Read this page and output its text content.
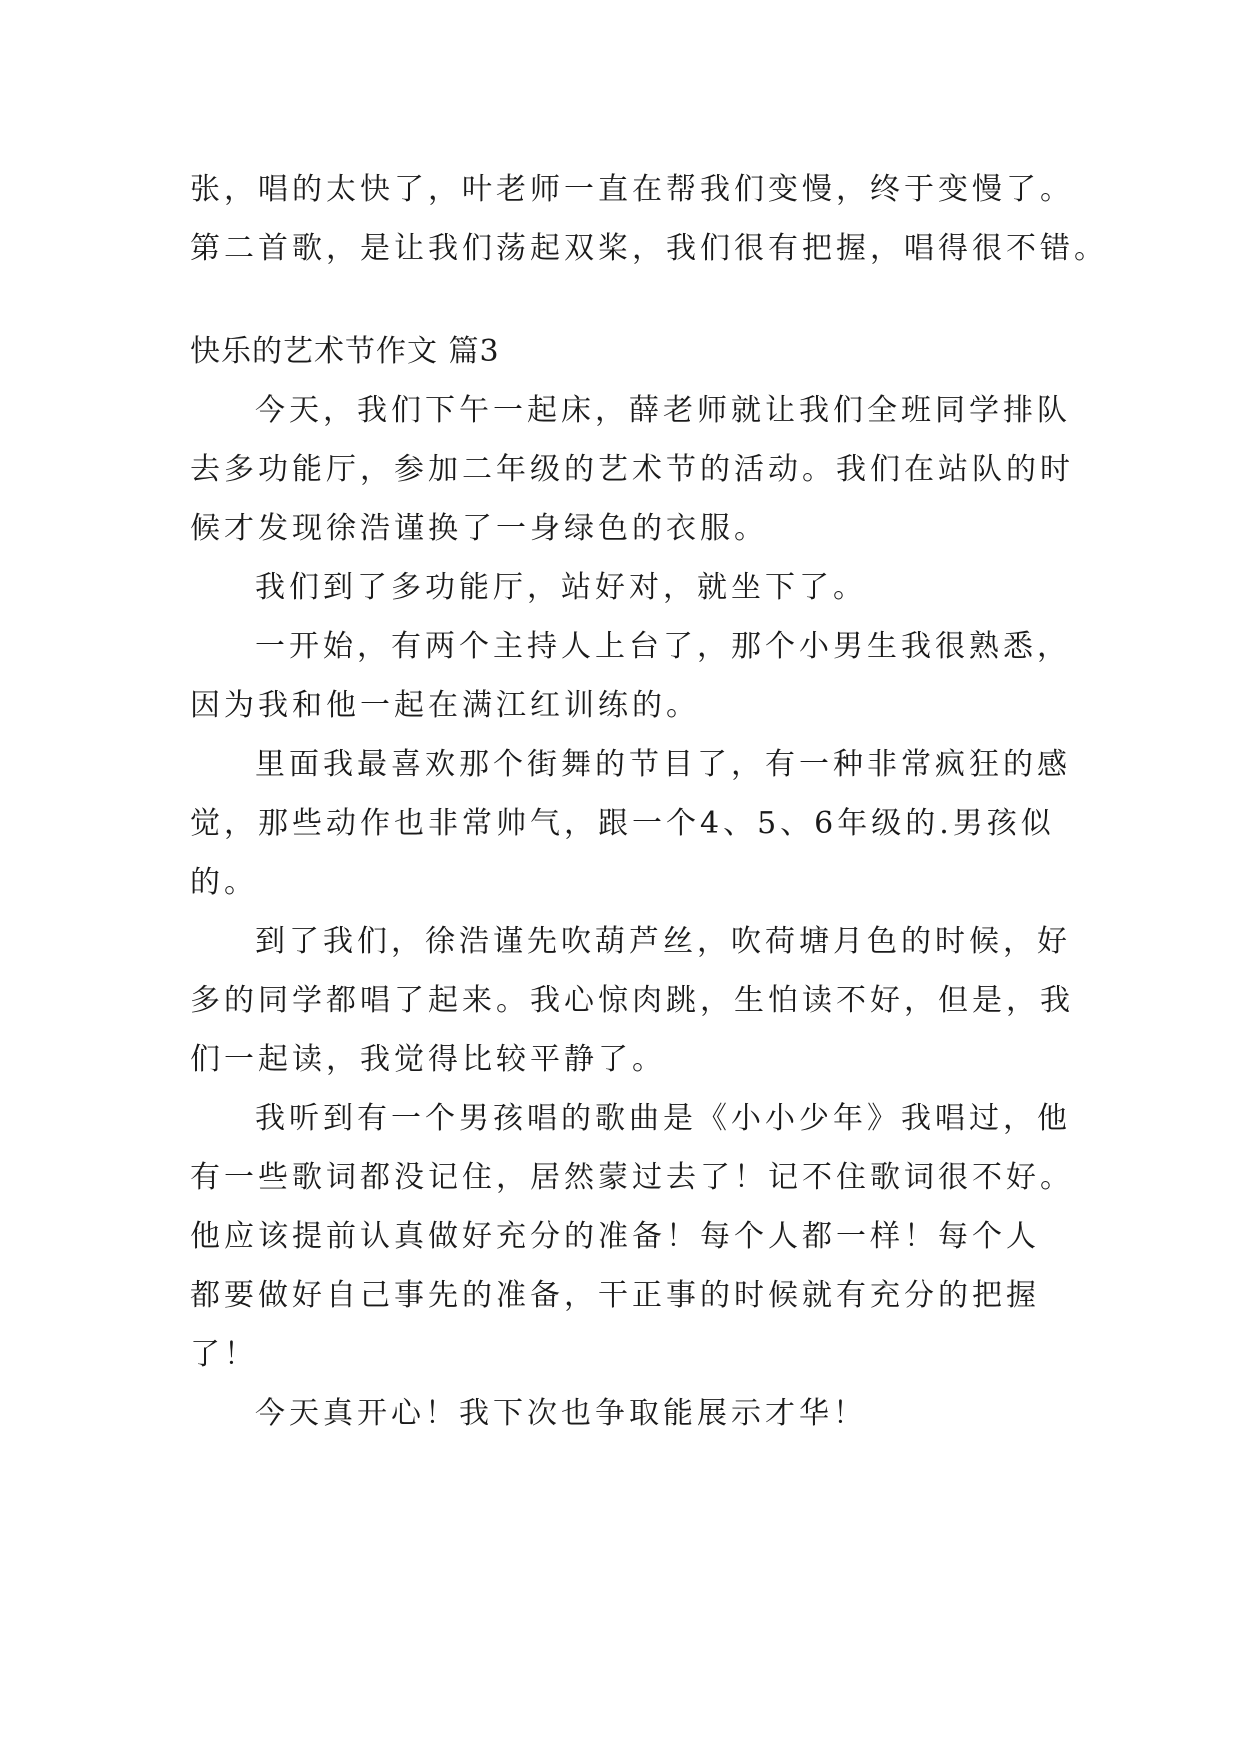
张，唱的太快了，叶老师一直在帮我们变慢，终于变慢了。
第二首歌，是让我们荡起双桨，我们很有把握，唱得很不错。
快乐的艺术节作文 篇3
今天，我们下午一起床，薛老师就让我们全班同学排队
去多功能厅，参加二年级的艺术节的活动。我们在站队的时
候才发现徐浩谨换了一身绿色的衣服。
我们到了多功能厅，站好对，就坐下了。
一开始，有两个主持人上台了，那个小男生我很熟悉，
因为我和他一起在满江红训练的。
里面我最喜欢那个街舞的节目了，有一种非常疯狂的感
觉，那些动作也非常帅气，跟一个4、5、6年级的.男孩似
的。
到了我们，徐浩谨先吹葫芦丝，吹荷塘月色的时候，好
多的同学都唱了起来。我心惊肉跳，生怕读不好，但是，我
们一起读，我觉得比较平静了。
我听到有一个男孩唱的歌曲是《小小少年》我唱过，他
有一些歌词都没记住，居然蒙过去了！记不住歌词很不好。
他应该提前认真做好充分的准备！每个人都一样！每个人
都要做好自己事先的准备，干正事的时候就有充分的把握
了！
今天真开心！我下次也争取能展示才华！
